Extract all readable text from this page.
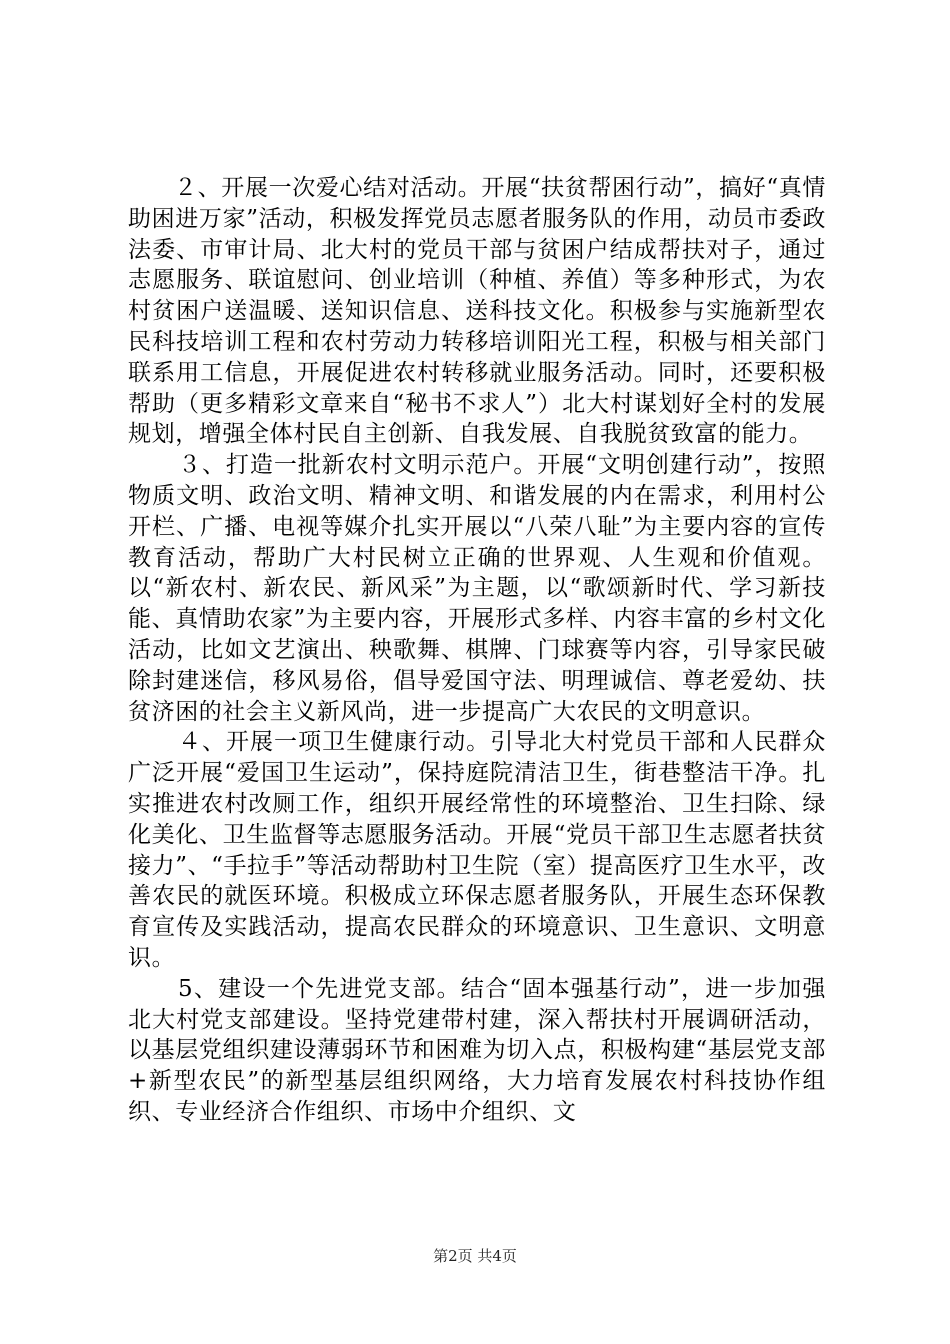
２、开展一次爱心结对活动。开展“扶贫帮困行动”，搞好“真情助困进万家”活动，积极发挥党员志愿者服务队的作用，动员市委政法委、市审计局、北大村的党员干部与贫困户结成帮扶对子，通过志愿服务、联谊慰问、创业培训（种植、养值）等多种形式，为农村贫困户送温暖、送知识信息、送科技文化。积极参与实施新型农民科技培训工程和农村劳动力转移培训阳光工程，积极与相关部门联系用工信息，开展促进农村转移就业服务活动。同时，还要积极帮助（更多精彩文章来自“秘书不求人”）北大村谋划好全村的发展规划，增强全体村民自主创新、自我发展、自我脱贫致富的能力。

３、打造一批新农村文明示范户。开展“文明创建行动”，按照物质文明、政治文明、精神文明、和谐发展的内在需求，利用村公开栏、广播、电视等媒介扎实开展以“八荣八耻”为主要内容的宣传教育活动，帮助广大村民树立正确的世界观、人生观和价值观。以“新农村、新农民、新风采”为主题，以“歌颂新时代、学习新技能、真情助农家”为主要内容，开展形式多样、内容丰富的乡村文化活动，比如文艺演出、秧歌舞、棋牌、门球赛等内容，引导家民破除封建迷信，移风易俗，倡导爱国守法、明理诚信、尊老爱幼、扶贫济困的社会主义新风尚，进一步提高广大农民的文明意识。

４、开展一项卫生健康行动。引导北大村党员干部和人民群众广泛开展“爱国卫生运动”，保持庭院清洁卫生，街巷整洁干净。扎实推进农村改厕工作，组织开展经常性的环境整治、卫生扫除、绿化美化、卫生监督等志愿服务活动。开展“党员干部卫生志愿者扶贫接力”、“手拉手”等活动帮助村卫生院（室）提高医疗卫生水平，改善农民的就医环境。积极成立环保志愿者服务队，开展生态环保教育宣传及实践活动，提高农民群众的环境意识、卫生意识、文明意识。

5、建设一个先进党支部。结合“固本强基行动”，进一步加强北大村党支部建设。坚持党建带村建，深入帮扶村开展调研活动，以基层党组织建设薄弱环节和困难为切入点，积极构建“基层党支部+新型农民”的新型基层组织网络，大力培育发展农村科技协作组织、专业经济合作组织、市场中介组织、文

第2页 共4页
